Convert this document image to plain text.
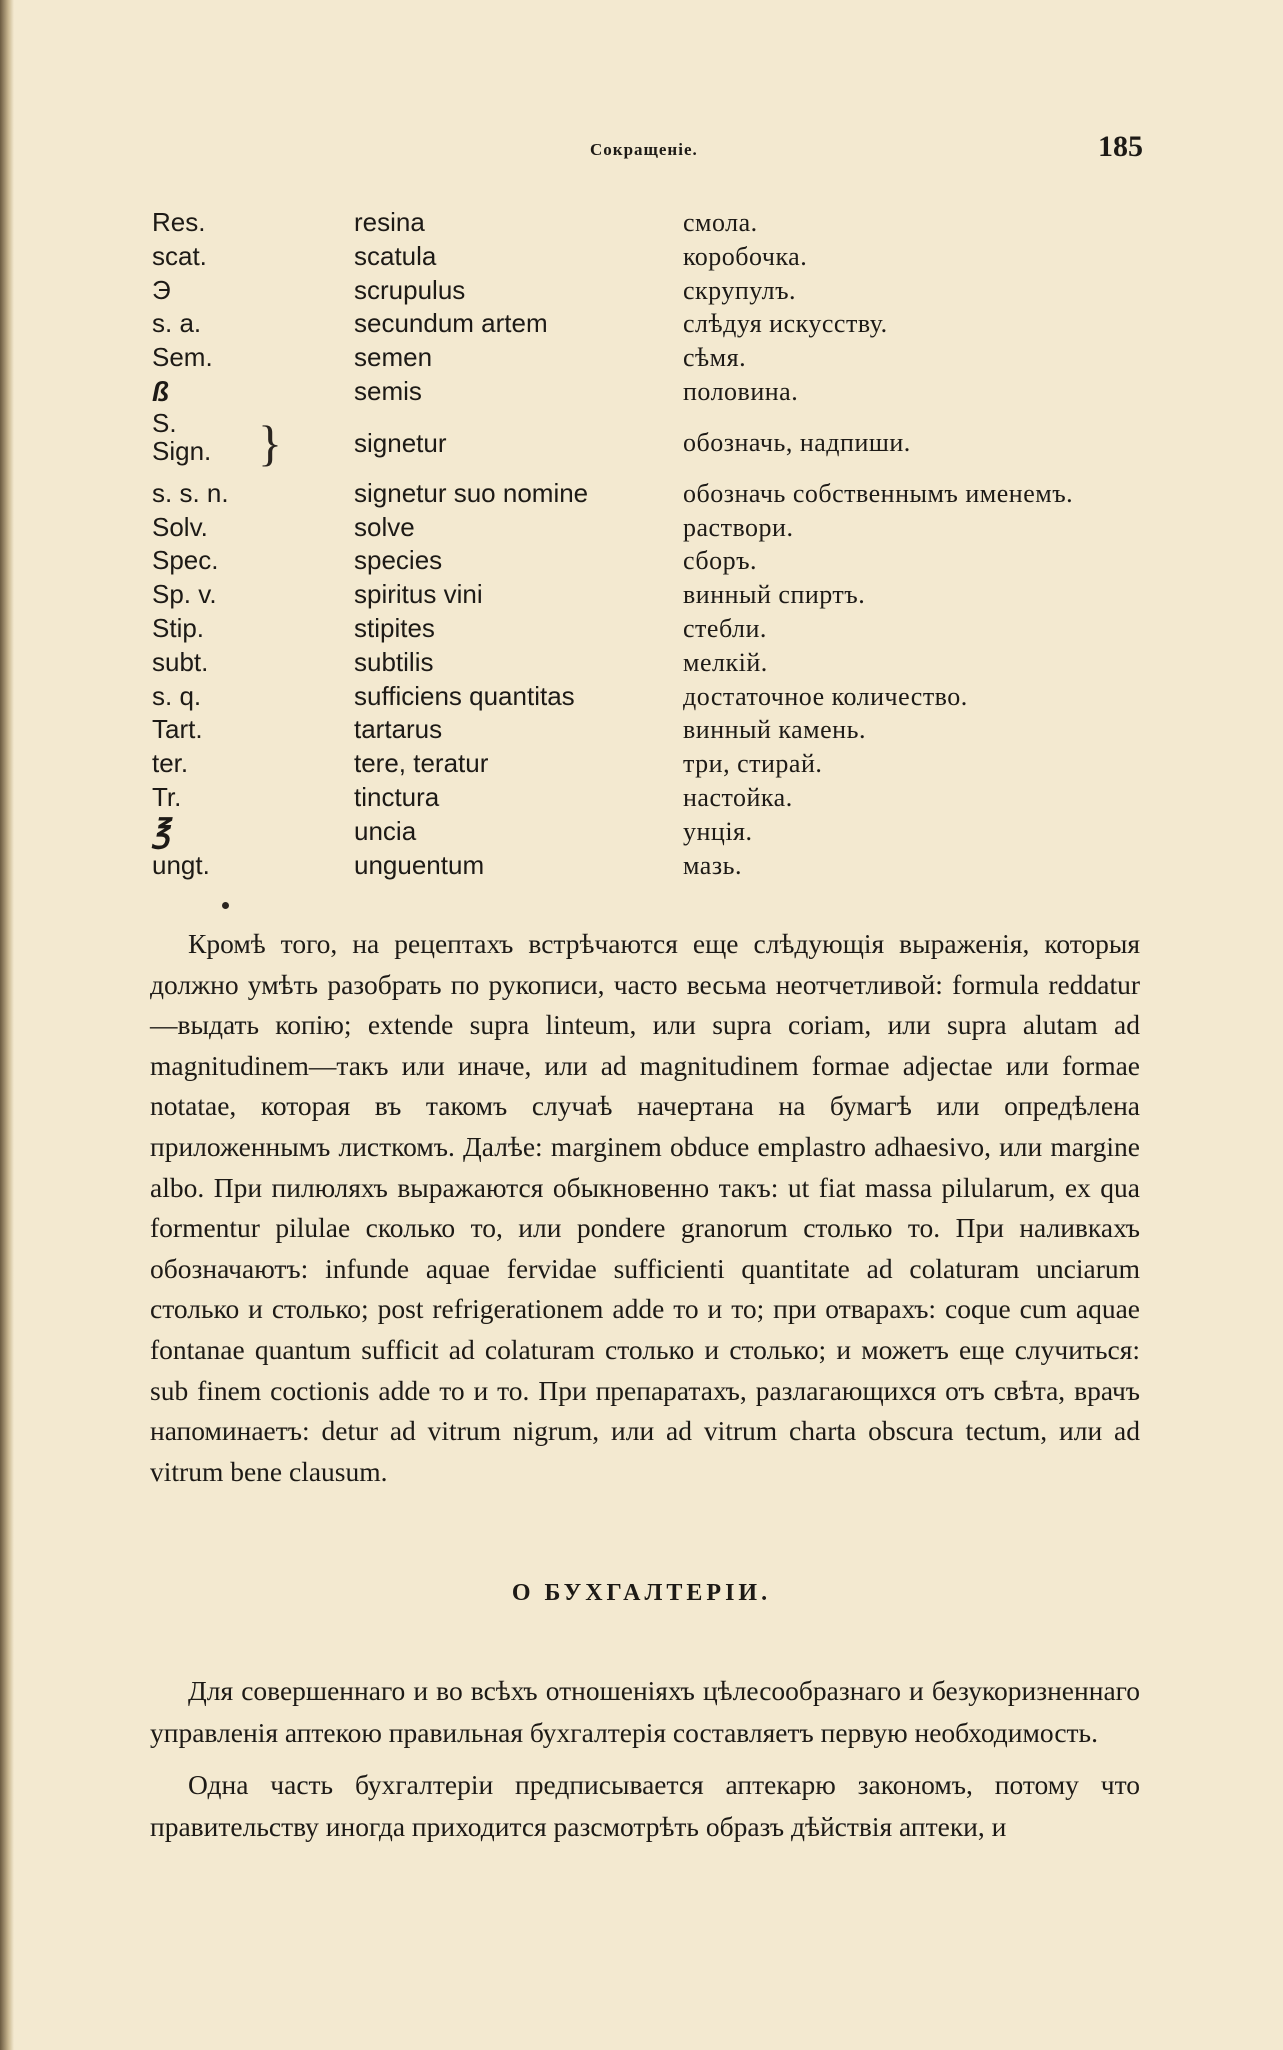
Сокращеніе.	185
Res.	resina	смола.
scat.	scatula	коробочка.
Э	scrupulus	скрупулъ.
s. a.	secundum artem	слѣдуя искусству.
Sem.	semen	сѣмя.
ß	semis	половина.
S.
Sign. }	signetur	обозначь, надпиши.
s. s. n.	signetur suo nomine	обозначь собственнымъ именемъ.
Solv.	solve	раствори.
Spec.	species	сборъ.
Sp. v.	spiritus vini	винный спиртъ.
Stip.	stipites	стебли.
subt.	subtilis	мелкій.
s. q.	sufficiens quantitas	достаточное количество.
Tart.	tartarus	винный камень.
ter.	tere, teratur	три, стирай.
Tr.	tinctura	настойка.
℥	uncia	унція.
ungt.	unguentum	мазь.

Кромѣ того, на рецептахъ встрѣчаются еще слѣдующія выраженія, которыя должно умѣть разобрать по рукописи, часто весьма неотчетливой: formula reddatur—выдать копію; extende supra linteum, или supra coriam, или supra alutam ad magnitudinem—такъ или иначе, или ad magnitudinem formae adjectae или formae notatae, которая въ такомъ случаѣ начертана на бумагѣ или опредѣлена приложеннымъ листкомъ. Далѣе: marginem obduce emplastro adhaesivo, или margine albo. При пилюляхъ выражаются обыкновенно такъ: ut fiat massa pilularum, ex qua formentur pilulae сколько то, или pondere granorum столько то. При наливкахъ обозначаютъ: infunde aquae fervidae sufficienti quantitate ad colaturam unciarum столько и столько; post refrigerationem adde то и то; при отварахъ: coque cum aquae fontanae quantum sufficit ad colaturam столько и столько; и можетъ еще случиться: sub finem coctionis adde то и то. При препаратахъ, разлагающихся отъ свѣта, врачъ напоминаетъ: detur ad vitrum nigrum, или ad vitrum charta obscura tectum, или ad vitrum bene clausum.

О БУХГАЛТЕРІИ.

Для совершеннаго и во всѣхъ отношеніяхъ цѣлесообразнаго и безукоризненнаго управленія аптекою правильная бухгалтерія составляетъ первую необходимость.

Одна часть бухгалтеріи предписывается аптекарю закономъ, потому что правительству иногда приходится разсмотрѣть образъ дѣйствія аптеки, и
